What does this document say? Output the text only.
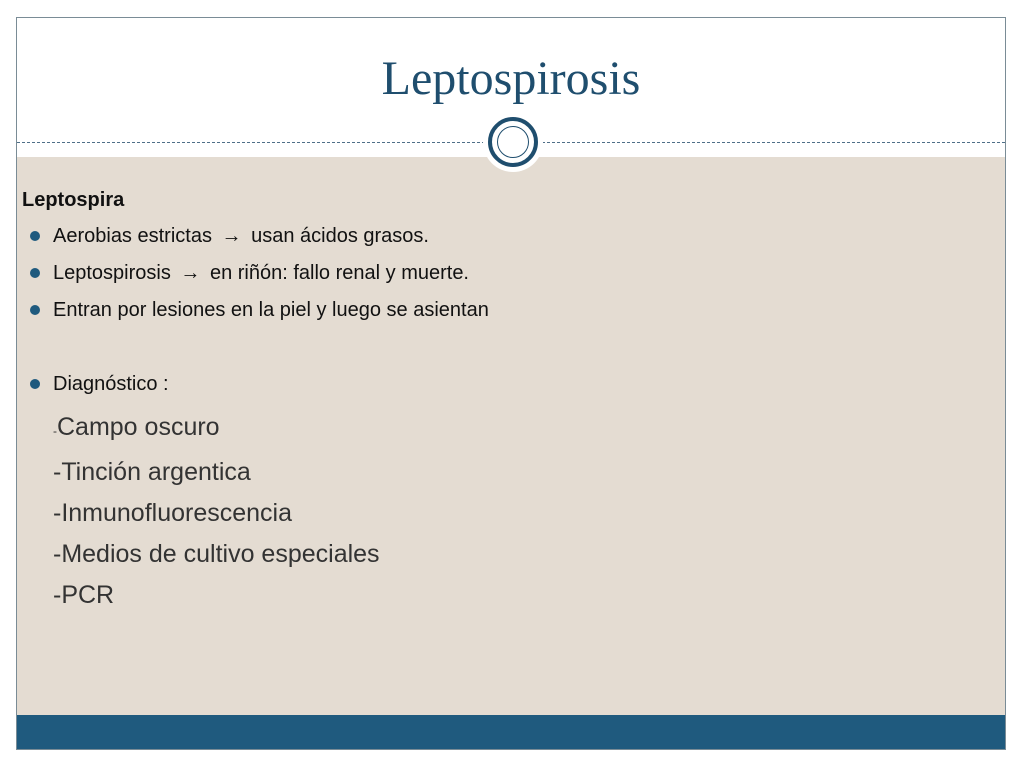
Leptospirosis
Leptospira
Aerobias estrictas → usan ácidos grasos.
Leptospirosis → en riñón: fallo renal y muerte.
Entran por lesiones en la piel y luego se asientan
Diagnóstico :
-Campo oscuro
-Tinción argentica
-Inmunofluorescencia
-Medios de cultivo especiales
-PCR
